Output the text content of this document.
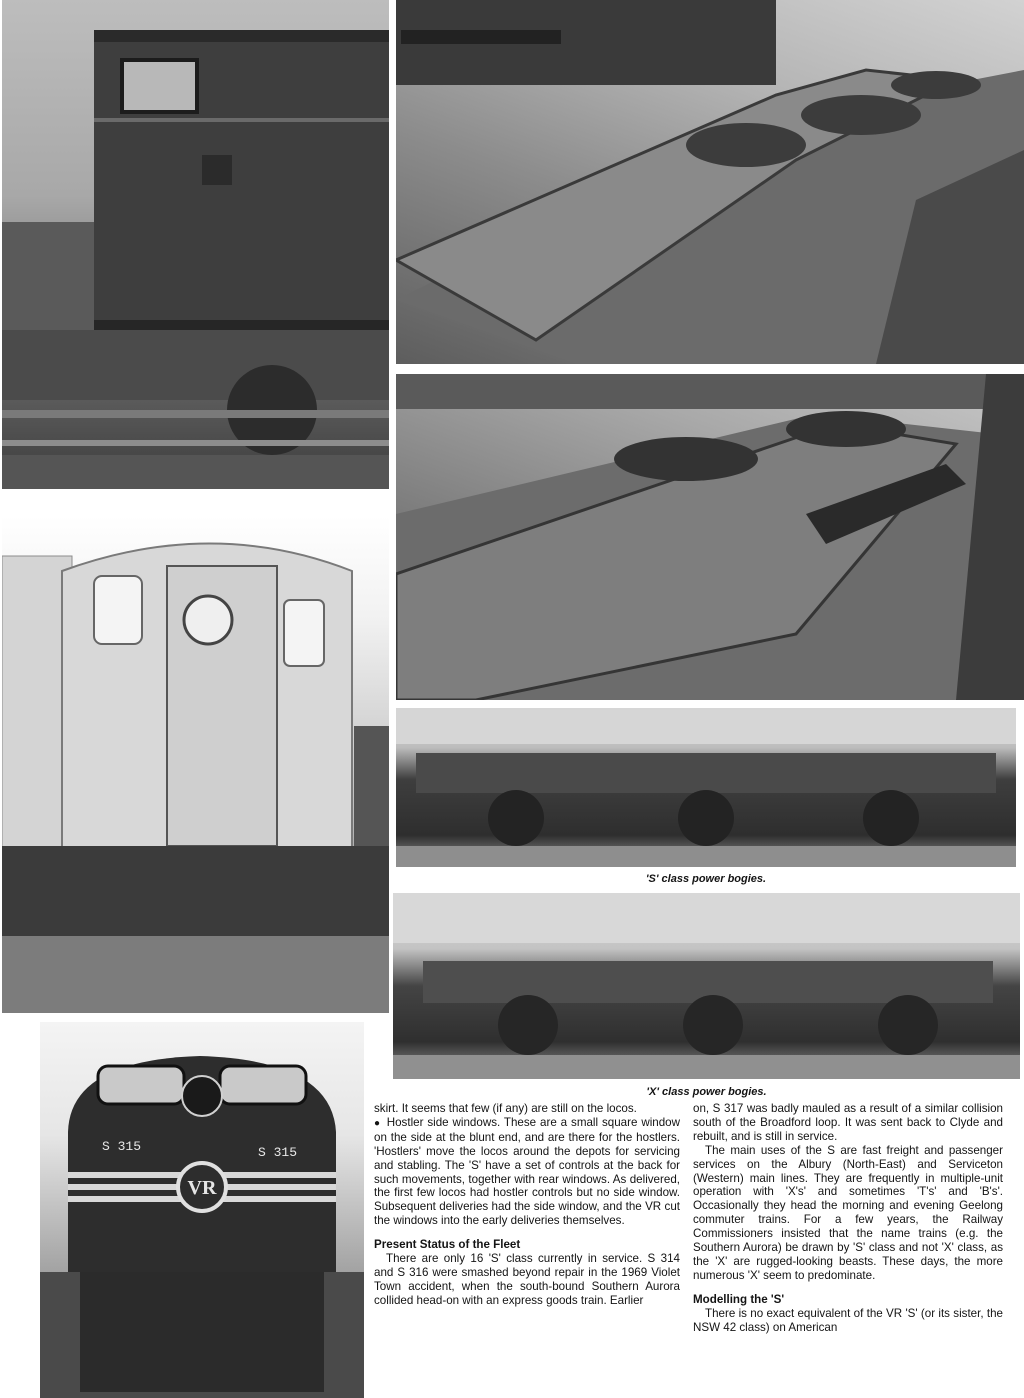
'S' class power bogies.
'X' class power bogies.
VR
S 315	S 315

skirt. It seems that few (if any) are still on the locos.

● Hostler side windows. These are a small square window on the side at the blunt end, and are there for the hostlers. 'Hostlers' move the locos around the depots for servicing and stabling. The 'S' have a set of controls at the back for such movements, together with rear windows. As delivered, the first few locos had hostler controls but no side window. Subsequent deliveries had the side window, and the VR cut the windows into the early deliveries themselves.

Present Status of the Fleet

There are only 16 'S' class currently in service. S 314 and S 316 were smashed beyond repair in the 1969 Violet Town accident, when the south-bound Southern Aurora collided head-on with an express goods train. Earlier

on, S 317 was badly mauled as a result of a similar collision south of the Broadford loop. It was sent back to Clyde and rebuilt, and is still in service.

The main uses of the S are fast freight and passenger services on the Albury (North-East) and Serviceton (Western) main lines. They are frequently in multiple-unit operation with 'X's' and sometimes 'T's' and 'B's'. Occasionally they head the morning and evening Geelong commuter trains. For a few years, the Railway Commissioners insisted that the name trains (e.g. the Southern Aurora) be drawn by 'S' class and not 'X' class, as the 'X' are rugged-looking beasts. These days, the more numerous 'X' seem to predominate.

Modelling the 'S'

There is no exact equivalent of the VR 'S' (or its sister, the NSW 42 class) on American
